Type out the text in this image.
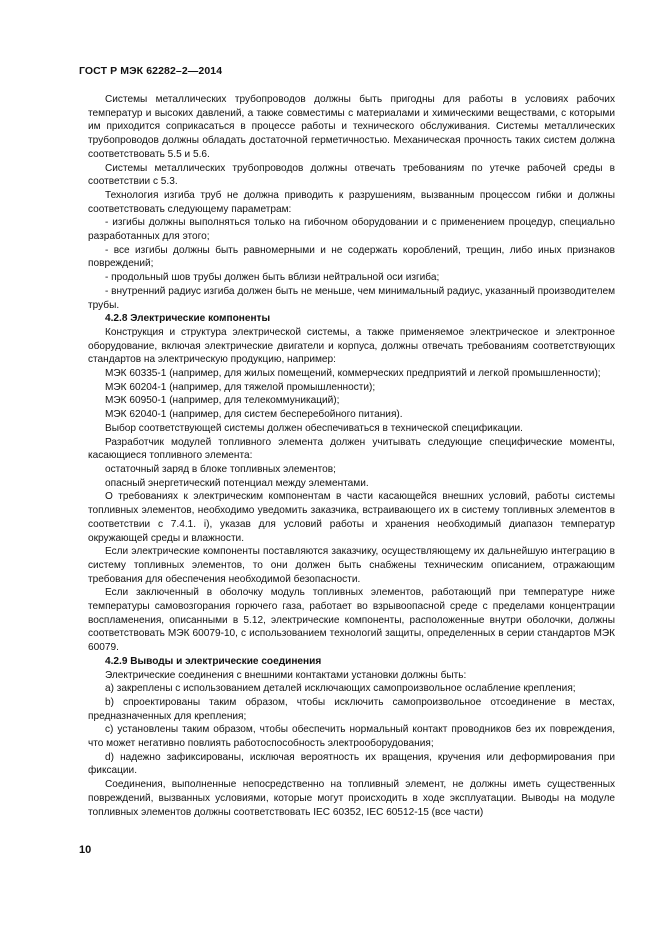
ГОСТ Р МЭК 62282–2—2014

Системы металлических трубопроводов должны быть пригодны для работы в условиях рабочих температур и высоких давлений, а также совместимы с материалами и химическими веществами, с которыми им приходится соприкасаться в процессе работы и технического обслуживания. Системы металлических трубопроводов должны обладать достаточной герметичностью. Механическая прочность таких систем должна соответствовать 5.5 и 5.6.

Системы металлических трубопроводов должны отвечать требованиям по утечке рабочей среды в соответствии с 5.3.

Технология изгиба труб не должна приводить к разрушениям, вызванным процессом гибки и должны соответствовать следующему параметрам:

- изгибы должны выполняться только на гибочном оборудовании и с применением процедур, специально разработанных для этого;

- все изгибы должны быть равномерными и не содержать короблений, трещин, либо иных признаков повреждений;

- продольный шов трубы должен быть вблизи нейтральной оси изгиба;

- внутренний радиус изгиба должен быть не меньше, чем минимальный радиус, указанный производителем трубы.

4.2.8 Электрические компоненты

Конструкция и структура электрической системы, а также применяемое электрическое и электронное оборудование, включая электрические двигатели и корпуса, должны отвечать требованиям соответствующих стандартов на электрическую продукцию, например:

МЭК 60335-1 (например, для жилых помещений, коммерческих предприятий и легкой промышленности);

МЭК 60204-1 (например, для тяжелой промышленности);

МЭК 60950-1 (например, для телекоммуникаций);

МЭК 62040-1 (например, для систем бесперебойного питания).

Выбор соответствующей системы должен обеспечиваться в технической спецификации.

Разработчик модулей топливного элемента должен учитывать следующие специфические моменты, касающиеся топливного элемента:

остаточный заряд в блоке топливных элементов;

опасный энергетический потенциал между элементами.

О требованиях к электрическим компонентам в части касающейся внешних условий, работы системы топливных элементов, необходимо уведомить заказчика, встраивающего их в систему топливных элементов в соответствии с 7.4.1. i), указав для условий работы и хранения необходимый диапазон температур окружающей среды и влажности.

Если электрические компоненты поставляются заказчику, осуществляющему их дальнейшую интеграцию в систему топливных элементов, то они должен быть снабжены техническим описанием, отражающим требования для обеспечения необходимой безопасности.

Если заключенный в оболочку модуль топливных элементов, работающий при температуре ниже температуры самовозгорания горючего газа, работает во взрывоопасной среде с пределами концентрации воспламенения, описанными в 5.12, электрические компоненты, расположенные внутри оболочки, должны соответствовать МЭК 60079-10, с использованием технологий защиты, определенных в серии стандартов МЭК 60079.

4.2.9 Выводы и электрические соединения

Электрические соединения с внешними контактами установки должны быть:

а) закреплены с использованием деталей исключающих самопроизвольное ослабление крепления;

b) спроектированы таким образом, чтобы исключить самопроизвольное отсоединение в местах, предназначенных для крепления;

с) установлены таким образом, чтобы обеспечить нормальный контакт проводников без их повреждения, что может негативно повлиять работоспособность электрооборудования;

d) надежно зафиксированы, исключая вероятность их вращения, кручения или деформирования при фиксации.

Соединения, выполненные непосредственно на топливный элемент, не должны иметь существенных повреждений, вызванных условиями, которые могут происходить в ходе эксплуатации. Выводы на модуле топливных элементов должны соответствовать IEC 60352, IEC 60512-15 (все части)

10
